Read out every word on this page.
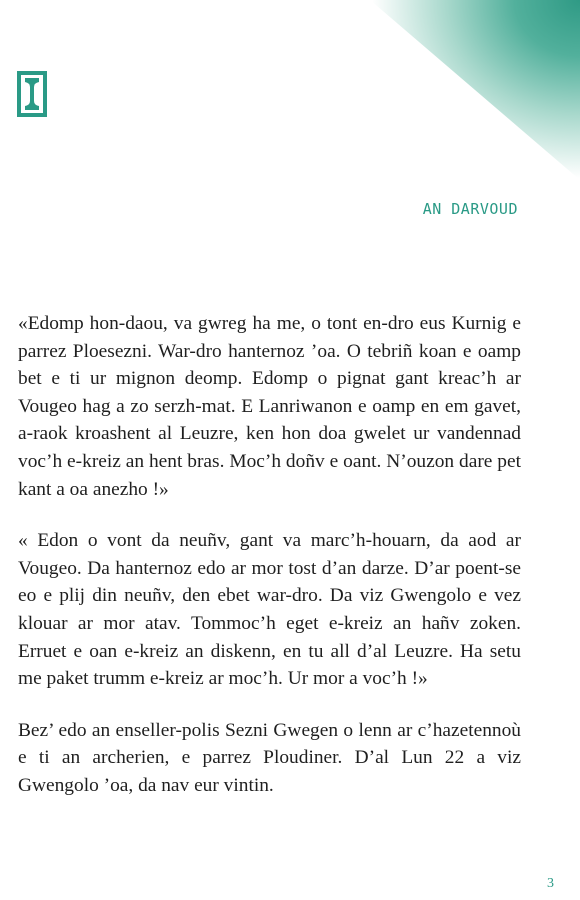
AN DARVOUD

«Edomp hon-daou, va gwreg ha me, o tont en-dro eus Kurnig e parrez Ploesezni. War-dro hanternoz ’oa. O tebriñ koan e oamp bet e ti ur mignon deomp. Edomp o pignat gant kreac’h ar Vougeo hag a zo serzh-mat. E Lanriwanon e oamp en em gavet, a-raok kroashent al Leuzre, ken hon doa gwelet ur vandennad voc’h e-kreiz an hent bras. Moc’h doñv e oant. N’ouzon dare pet kant a oa anezho !»

« Edon o vont da neuñv, gant va marc’h-houarn, da aod ar Vougeo. Da hanternoz edo ar mor tost d’an darze. D’ar poent-se eo e plij din neuñv, den ebet war-dro. Da viz Gwengolo e vez klouar ar mor atav. Tommoc’h eget e-kreiz an hañv zoken. Erruet e oan e-kreiz an diskenn, en tu all d’al Leuzre. Ha setu me paket trumm e-kreiz ar moc’h. Ur mor a voc’h !»

Bez’ edo an enseller-polis Sezni Gwegen o lenn ar c’hazetennoù e ti an archerien, e parrez Ploudiner. D’al Lun 22 a viz Gwengolo ’oa, da nav eur vintin.

3
